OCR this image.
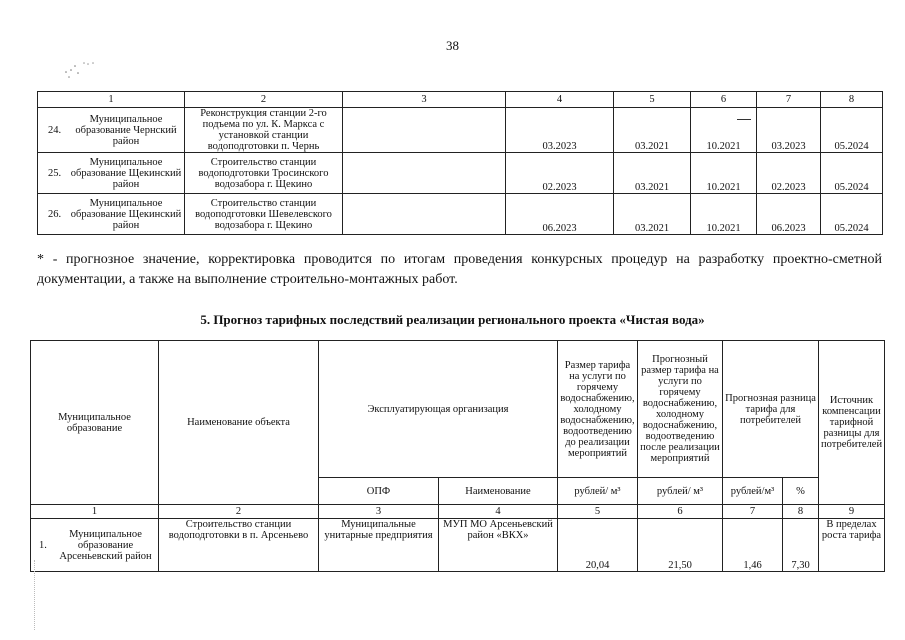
38
1	2	3	4	5	6	7	8

24.
Муниципальное образование Чернский район	Реконструкция станции 2-го подъема по ул. К. Маркса с установкой станции водоподготовки п. Чернь		03.2023	03.2021	10.2021	03.2023	05.2024

25.
Муниципальное образование Щекинский район	Строительство станции водоподготовки Тросинского водозабора г. Щекино		02.2023	03.2021	10.2021	02.2023	05.2024

26.
Муниципальное образование Щекинский район	Строительство станции водоподготовки Шевелевского водозабора г. Щекино		06.2023	03.2021	10.2021	06.2023	05.2024
* - прогнозное значение, корректировка проводится по итогам проведения конкурсных процедур на разработку проектно-сметной документации, а также на выполнение строительно-монтажных работ.
5. Прогноз тарифных последствий реализации регионального проекта «Чистая вода»
Муниципальное образование	Наименование объекта	Эксплуатирующая организация		Размер тарифа на услуги по горячему водоснабжению, холодному водоснабжению, водоотведению до реализации мероприятий	Прогнозный размер тарифа на услуги по горячему водоснабжению, холодному водоснабжению, водоотведению после реализации мероприятий	Прогнозная разница тарифа для потребителей		Источник компенсации тарифной разницы для потребителей
		ОПФ	Наименование	рублей/ м³	рублей/ м³	рублей/м³	%	
1	2	3	4	5	6	7	8	9

1.
Муниципальное образование Арсеньевский район	Строительство станции водоподготовки в п. Арсеньево	Муниципальные унитарные предприятия	МУП МО Арсеньевский район «ВКХ»	20,04	21,50	1,46	7,30	В пределах роста тарифа
